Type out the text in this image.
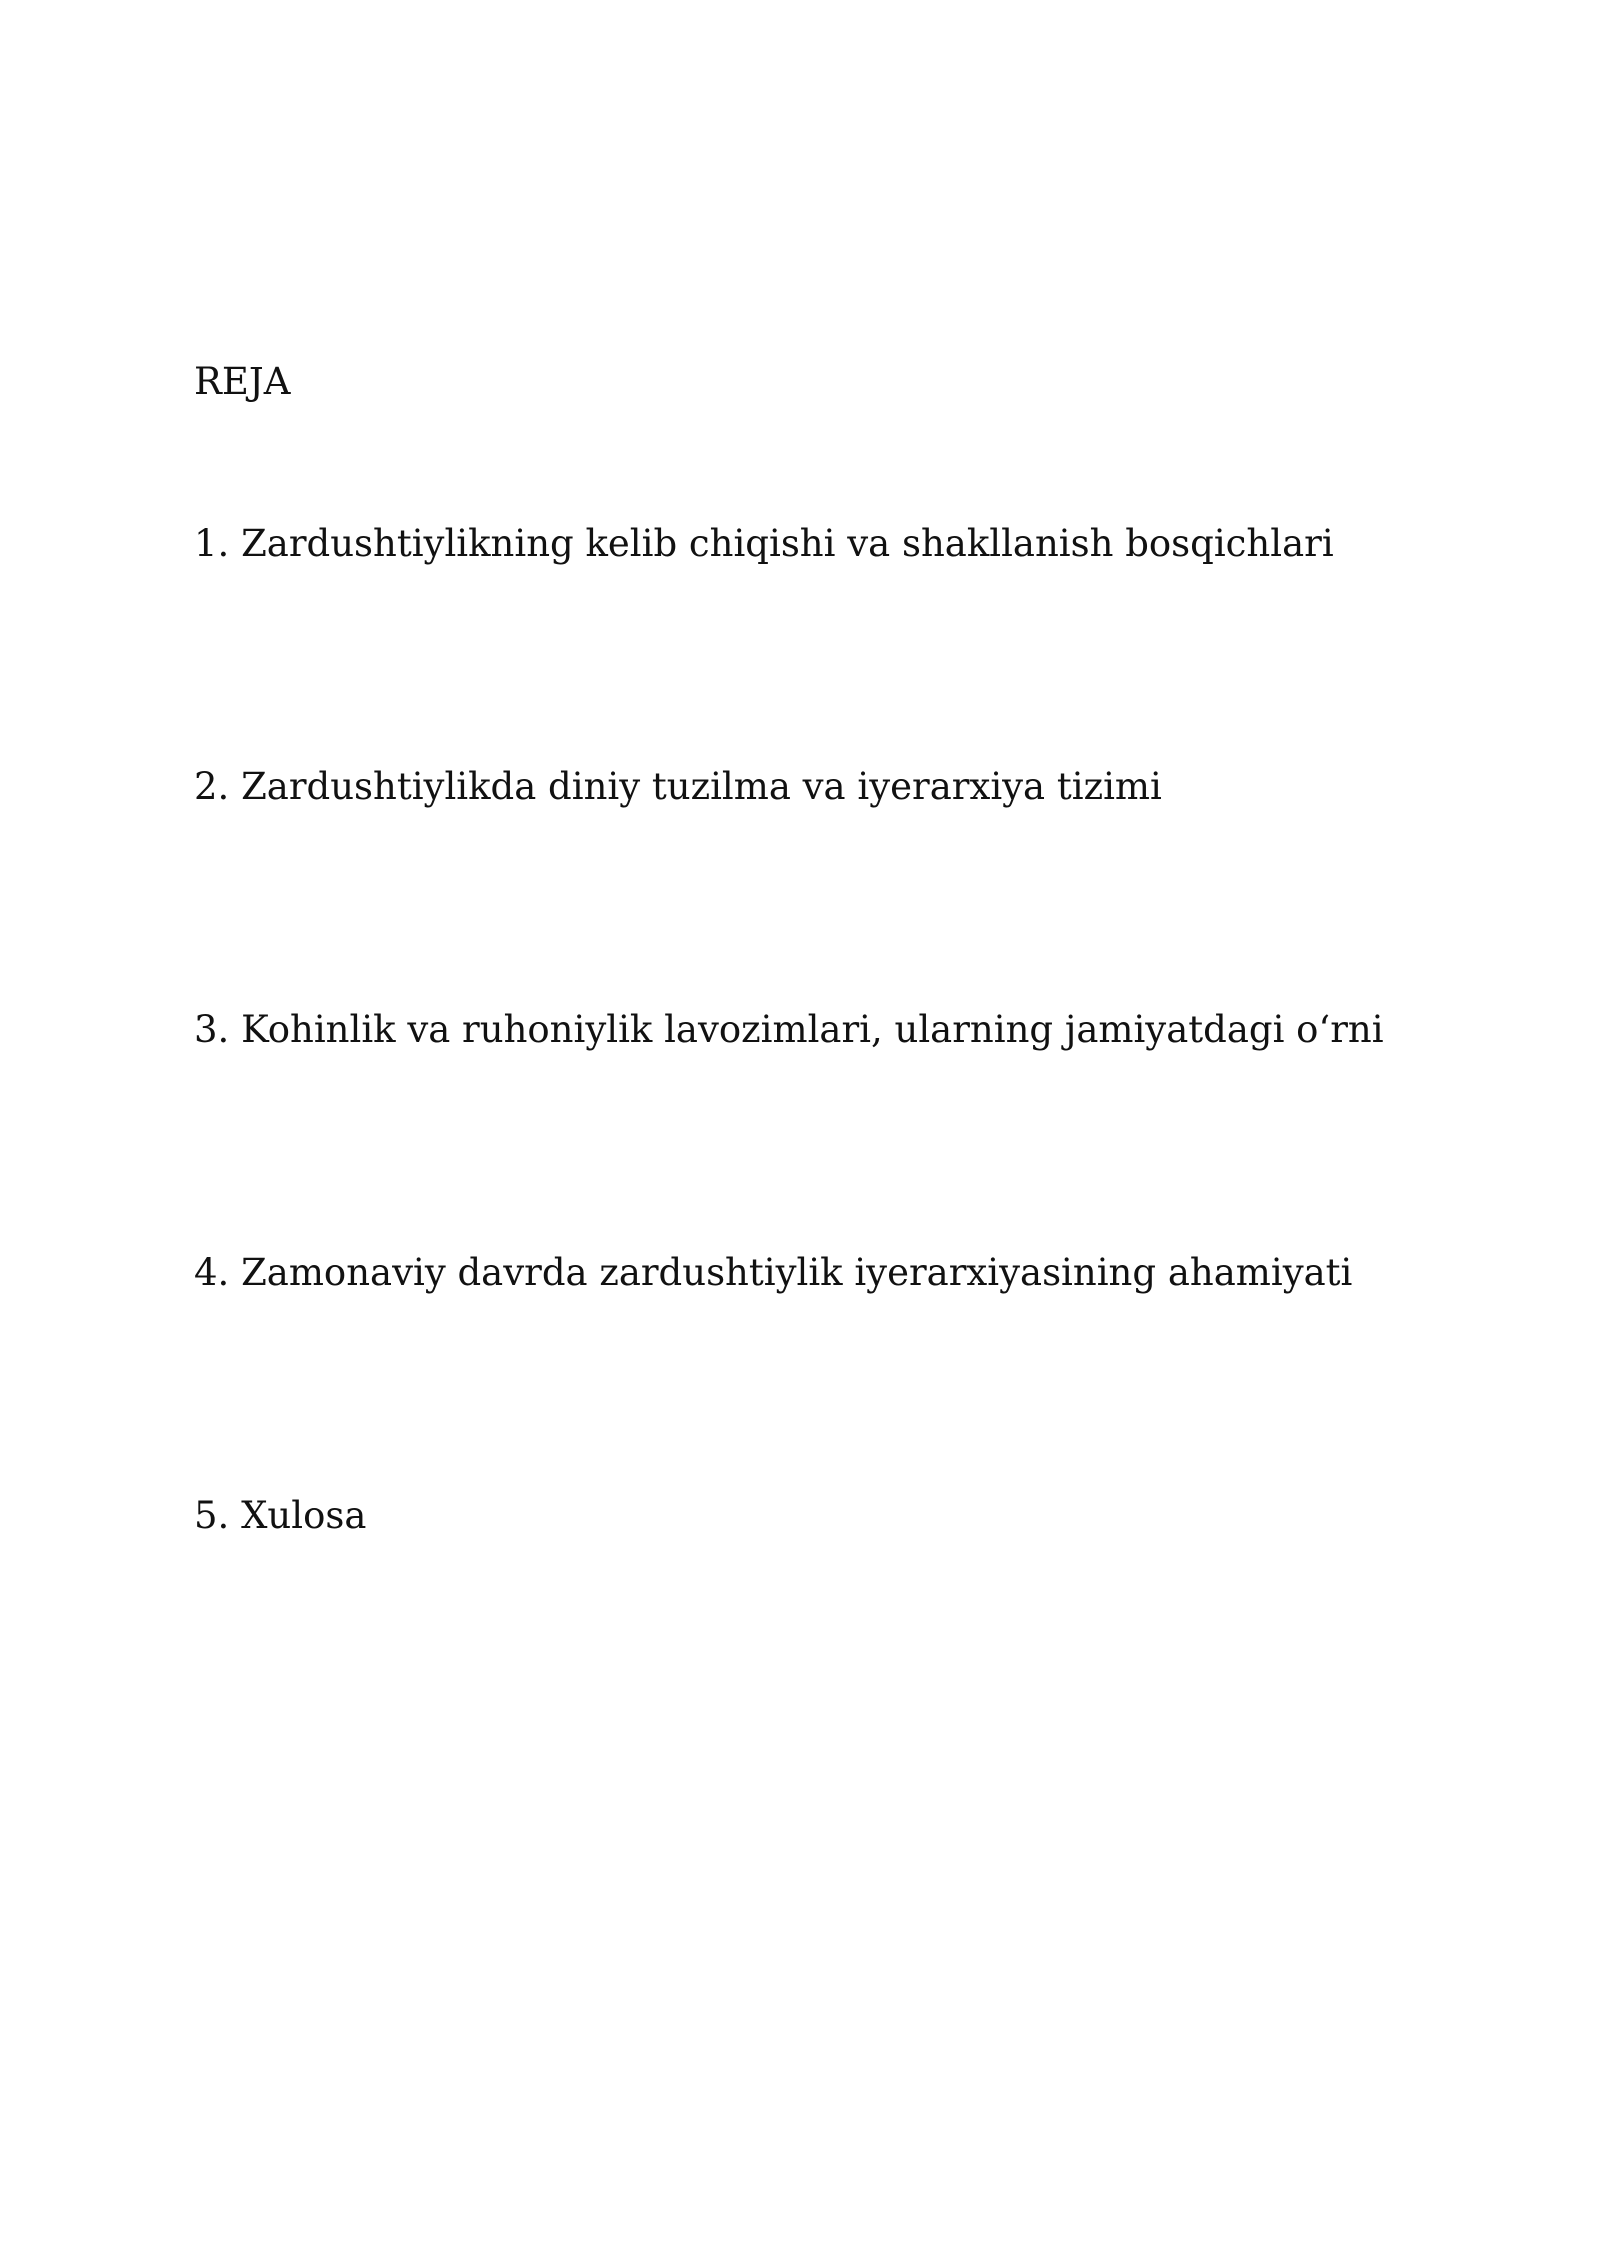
REJA
1. Zardushtiylikning kelib chiqishi va shakllanish bosqichlari
2. Zardushtiylikda diniy tuzilma va iyerarxiya tizimi
3. Kohinlik va ruhoniylik lavozimlari, ularning jamiyatdagi o‘rni
4. Zamonaviy davrda zardushtiylik iyerarxiyasining ahamiyati
5. Xulosa
